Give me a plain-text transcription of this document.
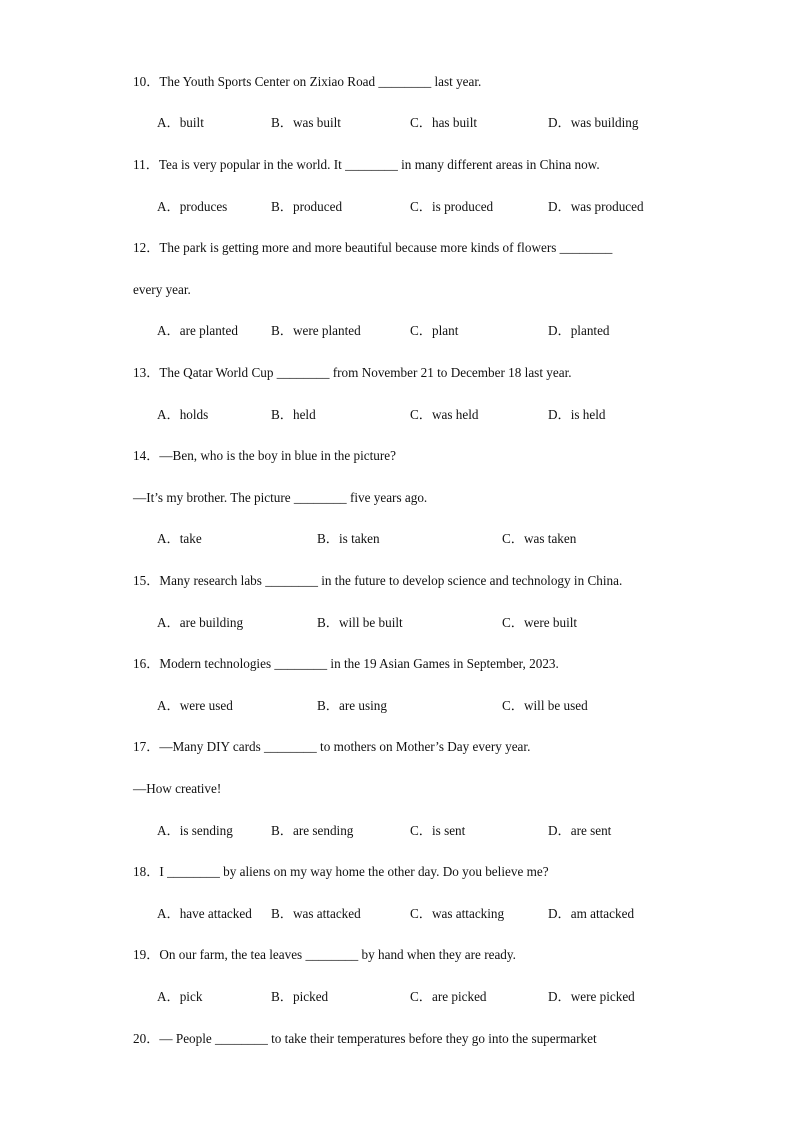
10．The Youth Sports Center on Zixiao Road ________ last year.
A．built	B．was built	C．has built	D．was building
11．Tea is very popular in the world. It ________ in many different areas in China now.
A．produces	B．produced	C．is produced	D．was produced
12．The park is getting more and more beautiful because more kinds of flowers ________
every year.
A．are planted	B．were planted	C．plant	D．planted
13．The Qatar World Cup ________ from November 21 to December 18 last year.
A．holds	B．held	C．was held	D．is held
14．—Ben, who is the boy in blue in the picture?
—It’s my brother. The picture ________ five years ago.
A．take	B．is taken	C．was taken
15．Many research labs ________ in the future to develop science and technology in China.
A．are building	B．will be built	C．were built
16．Modern technologies ________ in the 19 Asian Games in September, 2023.
A．were used	B．are using	C．will be used
17．—Many DIY cards ________ to mothers on Mother’s Day every year.
—How creative!
A．is sending	B．are sending	C．is sent	D．are sent
18．I ________ by aliens on my way home the other day. Do you believe me?
A．have attacked B．was attacked	C．was attacking	D．am attacked
19．On our farm, the tea leaves ________ by hand when they are ready.
A．pick	B．picked	C．are picked	D．were picked
20．— People ________ to take their temperatures before they go into the supermarket
